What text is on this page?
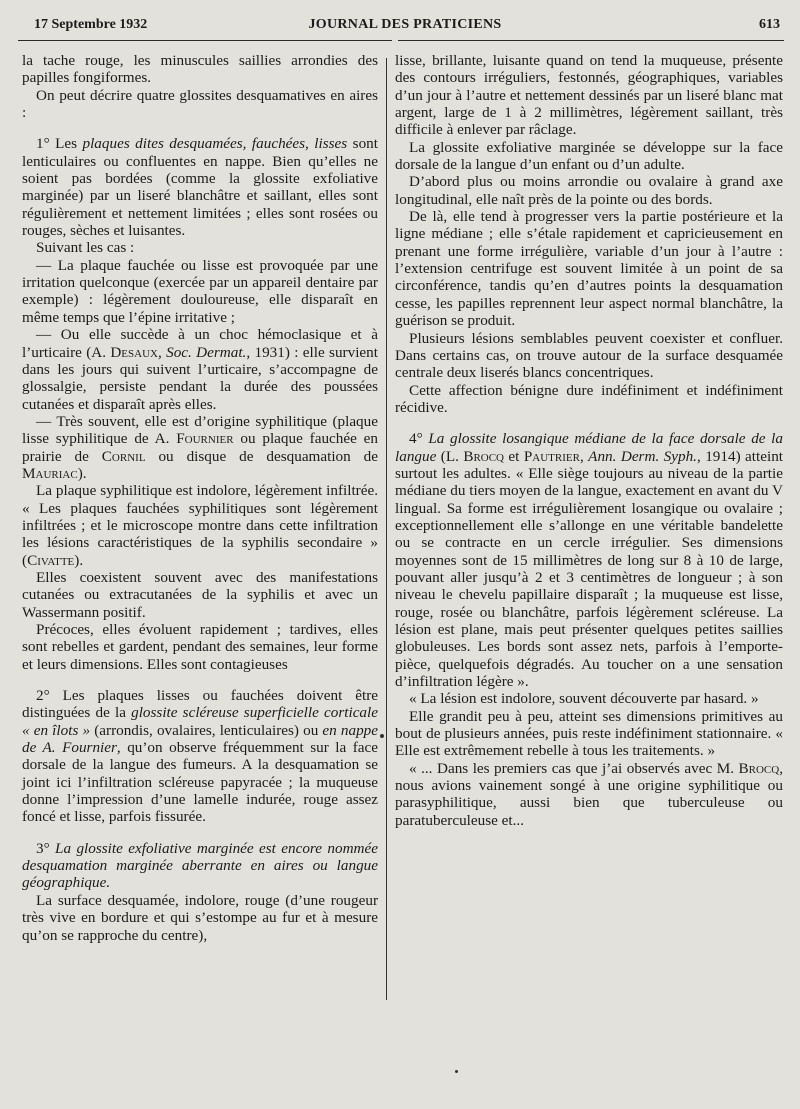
17 Septembre 1932	JOURNAL DES PRATICIENS	613

la tache rouge, les minuscules saillies arrondies des papilles fongiformes.

On peut décrire quatre glossites desquamatives en aires :

1° Les plaques dites desquamées, fauchées, lisses sont lenticulaires ou confluentes en nappe. Bien qu’elles ne soient pas bordées (comme la glossite exfoliative marginée) par un liseré blanchâtre et saillant, elles sont régulièrement et nettement limitées ; elles sont rosées ou rouges, sèches et luisantes.

Suivant les cas :

— La plaque fauchée ou lisse est provoquée par une irritation quelconque (exercée par un appareil dentaire par exemple) : légèrement douloureuse, elle disparaît en même temps que l’épine irritative ;

— Ou elle succède à un choc hémoclasique et à l’urticaire (A. Desaux, Soc. Dermat., 1931) : elle survient dans les jours qui suivent l’urticaire, s’accompagne de glossalgie, persiste pendant la durée des poussées cutanées et disparaît après elles.

— Très souvent, elle est d’origine syphilitique (plaque lisse syphilitique de A. Fournier ou plaque fauchée en prairie de Cornil ou disque de desquamation de Mauriac).

La plaque syphilitique est indolore, légèrement infiltrée. « Les plaques fauchées syphilitiques sont légèrement infiltrées ; et le microscope montre dans cette infiltration les lésions caractéristiques de la syphilis secondaire » (Civatte).

Elles coexistent souvent avec des manifestations cutanées ou extracutanées de la syphilis et avec un Wassermann positif.

Précoces, elles évoluent rapidement ; tardives, elles sont rebelles et gardent, pendant des semaines, leur forme et leurs dimensions. Elles sont contagieuses

2° Les plaques lisses ou fauchées doivent être distinguées de la glossite scléreuse superficielle corticale « en îlots » (arrondis, ovalaires, lenticulaires) ou en nappe de A. Fournier, qu’on observe fréquemment sur la face dorsale de la langue des fumeurs. A la desquamation se joint ici l’infiltration scléreuse papyracée ; la muqueuse donne l’impression d’une lamelle indurée, rouge assez foncé et lisse, parfois fissurée.

3° La glossite exfoliative marginée est encore nommée desquamation marginée aberrante en aires ou langue géographique.

La surface desquamée, indolore, rouge (d’une rougeur très vive en bordure et qui s’estompe au fur et à mesure qu’on se rapproche du centre),

lisse, brillante, luisante quand on tend la muqueuse, présente des contours irréguliers, festonnés, géographiques, variables d’un jour à l’autre et nettement dessinés par un liseré blanc mat argent, large de 1 à 2 millimètres, légèrement saillant, très difficile à enlever par râclage.

La glossite exfoliative marginée se développe sur la face dorsale de la langue d’un enfant ou d’un adulte.

D’abord plus ou moins arrondie ou ovalaire à grand axe longitudinal, elle naît près de la pointe ou des bords.

De là, elle tend à progresser vers la partie postérieure et la ligne médiane ; elle s’étale rapidement et capricieusement en prenant une forme irrégulière, variable d’un jour à l’autre : l’extension centrifuge est souvent limitée à un point de sa circonférence, tandis qu’en d’autres points la desquamation cesse, les papilles reprennent leur aspect normal blanchâtre, la guérison se produit.

Plusieurs lésions semblables peuvent coexister et confluer. Dans certains cas, on trouve autour de la surface desquamée centrale deux liserés blancs concentriques.

Cette affection bénigne dure indéfiniment et indéfiniment récidive.

4° La glossite losangique médiane de la face dorsale de la langue (L. Brocq et Pautrier, Ann. Derm. Syph., 1914) atteint surtout les adultes. « Elle siège toujours au niveau de la partie médiane du tiers moyen de la langue, exactement en avant du V lingual. Sa forme est irrégulièrement losangique ou ovalaire ; exceptionnellement elle s’allonge en une véritable bandelette ou se contracte en un cercle irrégulier. Ses dimensions moyennes sont de 15 millimètres de long sur 8 à 10 de large, pouvant aller jusqu’à 2 et 3 centimètres de longueur ; à son niveau le chevelu papillaire disparaît ; la muqueuse est lisse, rouge, rosée ou blanchâtre, parfois légèrement scléreuse. La lésion est plane, mais peut présenter quelques petites saillies globuleuses. Les bords sont assez nets, parfois à l’emporte-pièce, quelquefois dégradés. Au toucher on a une sensation d’infiltration légère ».

« La lésion est indolore, souvent découverte par hasard. »

Elle grandit peu à peu, atteint ses dimensions primitives au bout de plusieurs années, puis reste indéfiniment stationnaire. « Elle est extrêmement rebelle à tous les traitements. »

« ... Dans les premiers cas que j’ai observés avec M. Brocq, nous avions vainement songé à une origine syphilitique ou parasyphilitique, aussi bien que tuberculeuse ou paratuberculeuse et...
